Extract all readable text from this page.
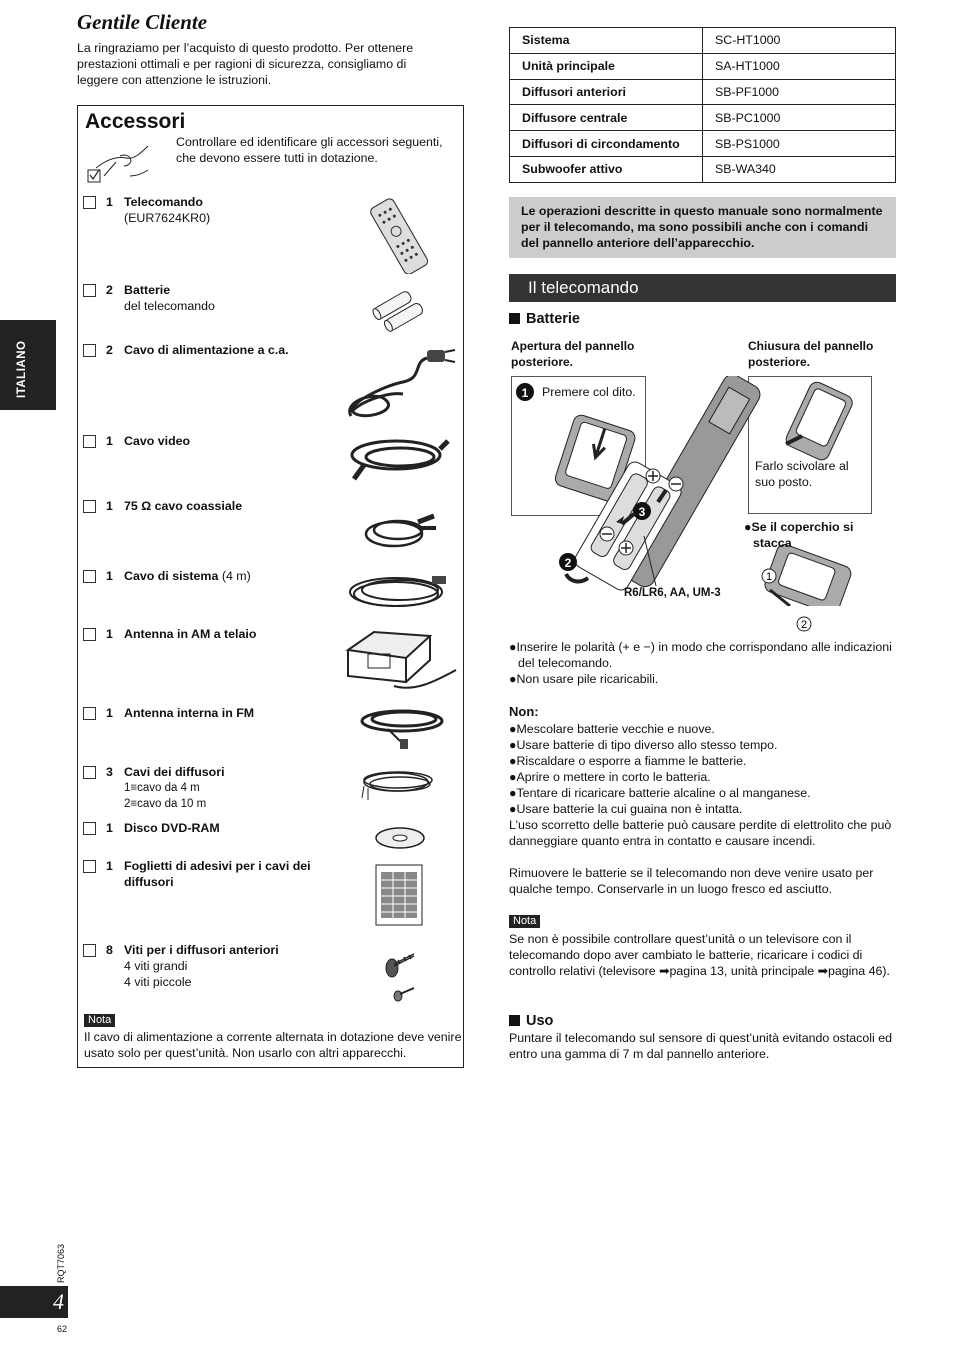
Gentile Cliente
La ringraziamo per l’acquisto di questo prodotto. Per ottenere prestazioni ottimali e per ragioni di sicurezza, consigliamo di leggere con attenzione le istruzioni.
Accessori
Controllare ed identificare gli accessori seguenti, che devono essere tutti in dotazione.
1 Telecomando
(EUR7624KR0)
2 Batterie
del telecomando
2 Cavo di alimentazione a c.a.
1 Cavo video
1 75 Ω cavo coassiale
1 Cavo di sistema (4 m)
1 Antenna in AM a telaio
1 Antenna interna in FM
3 Cavi dei diffusori
1≡cavo da 4 m
2≡cavo da 10 m
1 Disco DVD-RAM
1 Foglietti di adesivi per i cavi dei diffusori
8 Viti per i diffusori anteriori
4 viti grandi
4 viti piccole
Nota
Il cavo di alimentazione a corrente alternata in dotazione deve venire usato solo per quest’unità. Non usarlo con altri apparecchi.
ITALIANO
RQT7063
4
62
Sistema	SC-HT1000
Unità principale	SA-HT1000
Diffusori anteriori	SB-PF1000
Diffusore centrale	SB-PC1000
Diffusori di circondamento	SB-PS1000
Subwoofer attivo	SB-WA340
Le operazioni descritte in questo manuale sono normalmente per il telecomando, ma sono possibili anche con i comandi del pannello anteriore dell’apparecchio.
Il telecomando
Batterie
Apertura del pannello posteriore.
Chiusura del pannello posteriore.
1
3
2
1
2
Premere col dito.
Farlo scivolare al suo posto.
●Se il coperchio si stacca
R6/LR6, AA, UM-3
●Inserire le polarità (+ e −) in modo che corrispondano alle indicazioni del telecomando.
●Non usare pile ricaricabili.
Non:
●Mescolare batterie vecchie e nuove.
●Usare batterie di tipo diverso allo stesso tempo.
●Riscaldare o esporre a fiamme le batterie.
●Aprire o mettere in corto le batteria.
●Tentare di ricaricare batterie alcaline o al manganese.
●Usare batterie la cui guaina non è intatta.
L’uso scorretto delle batterie può causare perdite di elettrolito che può danneggiare quanto entra in contatto e causare incendi.
Rimuovere le batterie se il telecomando non deve venire usato per qualche tempo. Conservarle in un luogo fresco ed asciutto.
Nota
Se non è possibile controllare quest’unità o un televisore con il telecomando dopo aver cambiato le batterie, ricaricare i codici di controllo relativi (televisore ➡pagina 13, unità principale ➡pagina 46).
Uso
Puntare il telecomando sul sensore di quest’unità evitando ostacoli ed entro una gamma di 7 m dal pannello anteriore.
